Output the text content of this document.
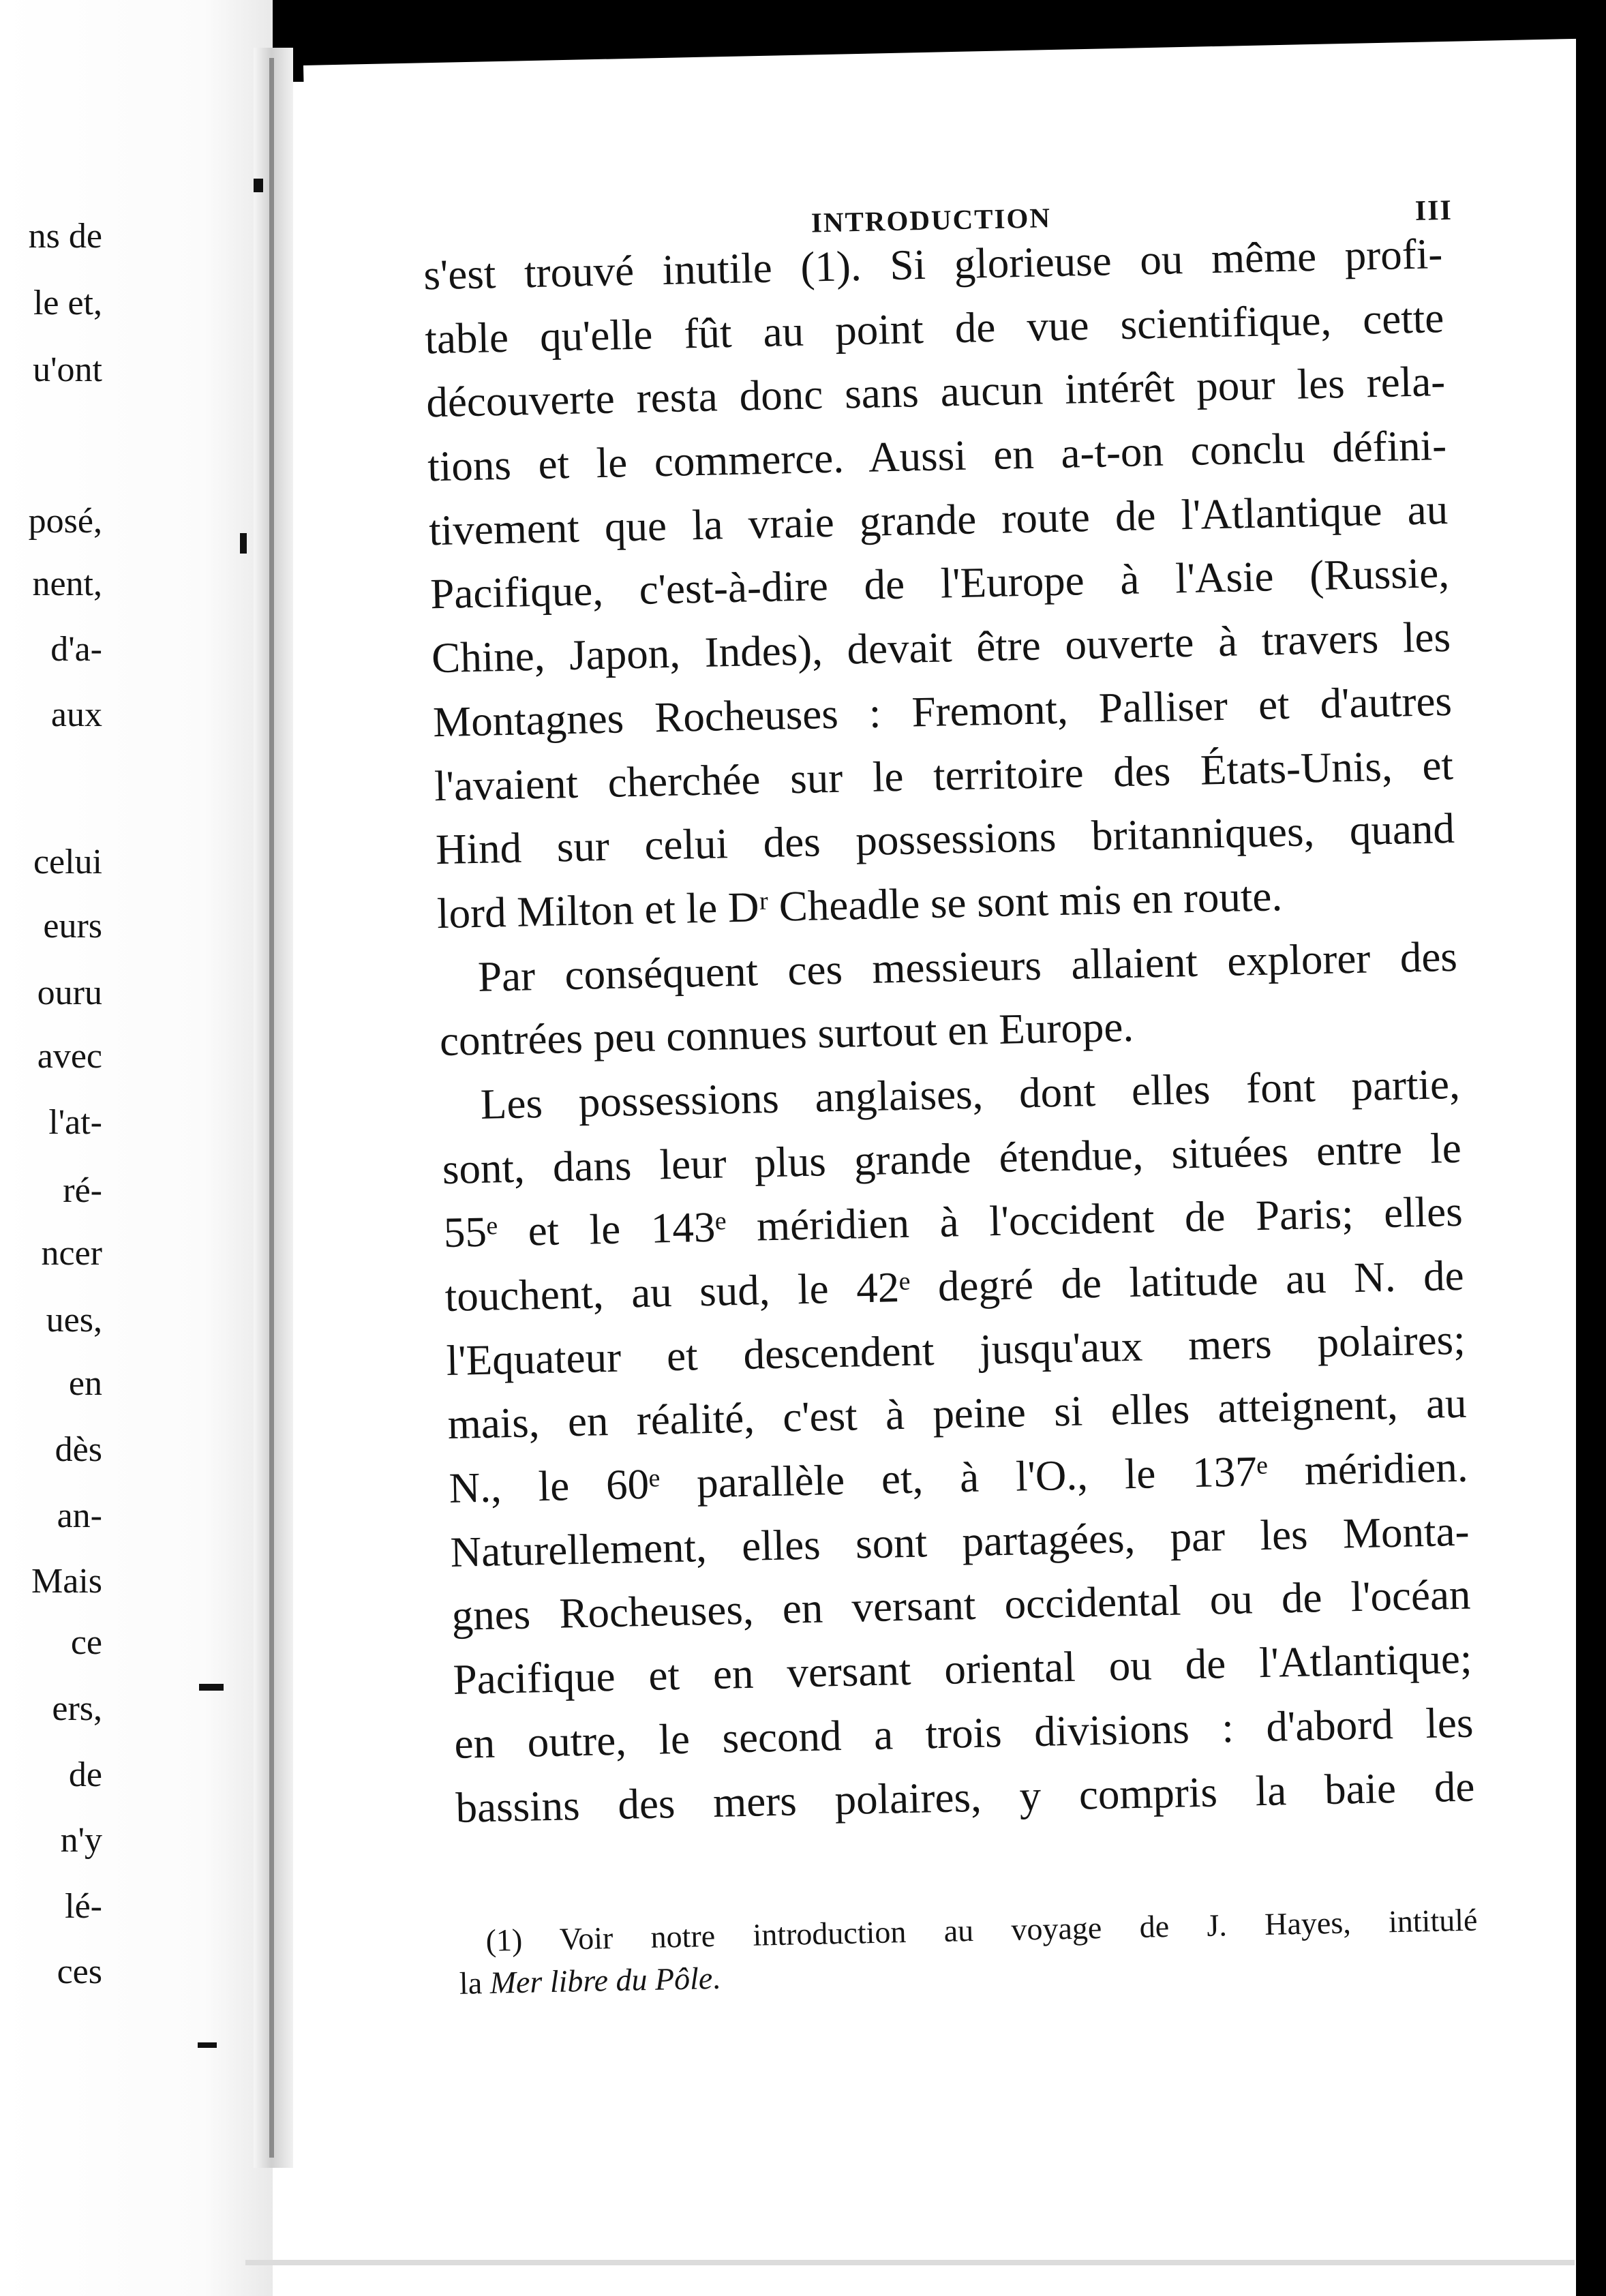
ns de
le et,
u'ont
posé,
nent,
d'a-
aux
celui
eurs
ouru
avec
l'at-
ré-
ncer
ues,
en
dès
an-
Mais
ce
ers,
de
n'y
lé-
ces
INTRODUCTION	III
s'est trouvé inutile (1). Si glorieuse ou même profi-
table qu'elle fût au point de vue scientifique, cette
découverte resta donc sans aucun intérêt pour les rela-
tions et le commerce. Aussi en a-t-on conclu défini-
tivement que la vraie grande route de l'Atlantique au
Pacifique, c'est-à-dire de l'Europe à l'Asie (Russie,
Chine, Japon, Indes), devait être ouverte à travers les
Montagnes Rocheuses : Fremont, Palliser et d'autres
l'avaient cherchée sur le territoire des États-Unis, et
Hind sur celui des possessions britanniques, quand
lord Milton et le Dʳ Cheadle se sont mis en route.
Par conséquent ces messieurs allaient explorer des
contrées peu connues surtout en Europe.
Les possessions anglaises, dont elles font partie,
sont, dans leur plus grande étendue, situées entre le
55ᵉ et le 143ᵉ méridien à l'occident de Paris; elles
touchent, au sud, le 42ᵉ degré de latitude au N. de
l'Equateur et descendent jusqu'aux mers polaires;
mais, en réalité, c'est à peine si elles atteignent, au
N., le 60ᵉ parallèle et, à l'O., le 137ᵉ méridien.
Naturellement, elles sont partagées, par les Monta-
gnes Rocheuses, en versant occidental ou de l'océan
Pacifique et en versant oriental ou de l'Atlantique;
en outre, le second a trois divisions : d'abord les
bassins des mers polaires, y compris la baie de
(1) Voir notre introduction au voyage de J. Hayes, intitulé
la Mer libre du Pôle.
